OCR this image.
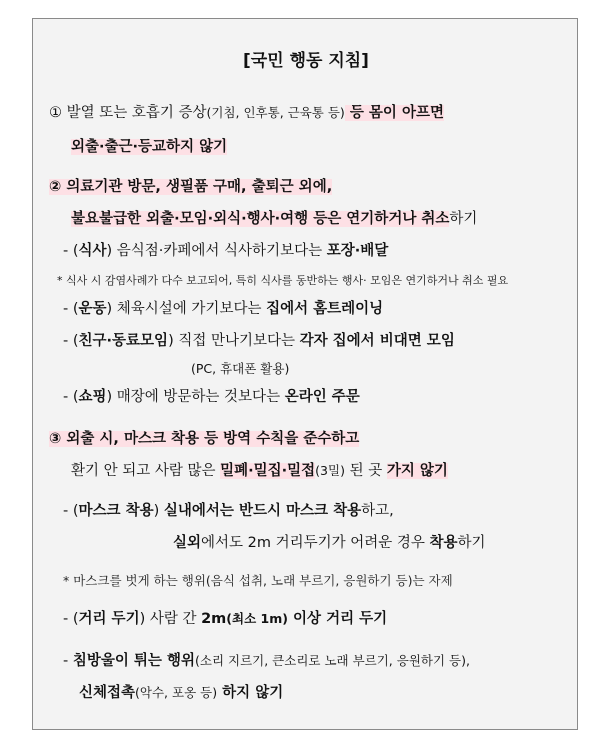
[국민 행동 지침]
① 발열 또는 호흡기 증상(기침, 인후통, 근육통 등) 등 몸이 아프면
외출·출근·등교하지 않기
② 의료기관 방문, 생필품 구매, 출퇴근 외에,
불요불급한 외출·모임·외식·행사·여행 등은 연기하거나 취소하기
- (식사) 음식점·카페에서 식사하기보다는 포장·배달
* 식사 시 감염사례가 다수 보고되어, 특히 식사를 동반하는 행사· 모임은 연기하거나 취소 필요
- (운동) 체육시설에 가기보다는 집에서 홈트레이닝
- (친구·동료모임) 직접 만나기보다는 각자 집에서 비대면 모임
(PC, 휴대폰 활용)
- (쇼핑) 매장에 방문하는 것보다는 온라인 주문
③ 외출 시, 마스크 착용 등 방역 수칙을 준수하고
환기 안 되고 사람 많은 밀폐·밀집·밀접(3밀) 된 곳 가지 않기
- (마스크 착용) 실내에서는 반드시 마스크 착용하고,
실외에서도 2m 거리두기가 어려운 경우 착용하기
* 마스크를 벗게 하는 행위(음식 섭취, 노래 부르기, 응원하기 등)는 자제
- (거리 두기) 사람 간 2m(최소 1m) 이상 거리 두기
- 침방울이 튀는 행위(소리 지르기, 큰소리로 노래 부르기, 응원하기 등),
신체접촉(악수, 포옹 등) 하지 않기
